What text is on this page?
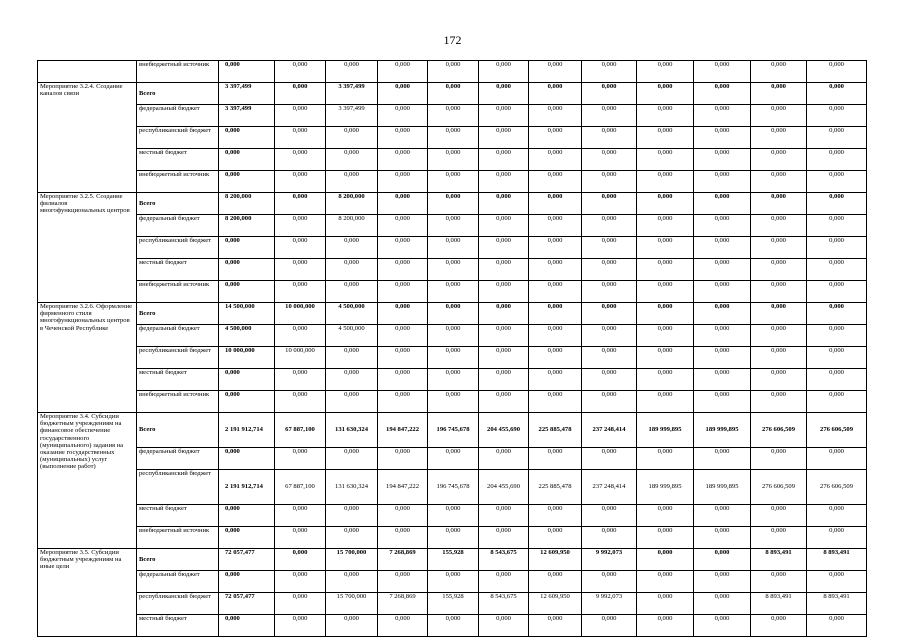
172
	внебюджетный источник	0,000	0,000	0,000	0,000	0,000	0,000	0,000	0,000	0,000	0,000	0,000	0,000
Мероприятие 3.2.4. Создание каналов связи	Всего	3 397,499	0,000	3 397,499	0,000	0,000	0,000	0,000	0,000	0,000	0,000	0,000	0,000
	федеральный бюджет	3 397,499	0,000	3 397,499	0,000	0,000	0,000	0,000	0,000	0,000	0,000	0,000	0,000
	республиканский бюджет	0,000	0,000	0,000	0,000	0,000	0,000	0,000	0,000	0,000	0,000	0,000	0,000
	местный бюджет	0,000	0,000	0,000	0,000	0,000	0,000	0,000	0,000	0,000	0,000	0,000	0,000
	внебюджетный источник	0,000	0,000	0,000	0,000	0,000	0,000	0,000	0,000	0,000	0,000	0,000	0,000
Мероприятие 3.2.5. Создание филиалов многофункциональных центров	Всего	8 200,000	0,000	8 200,000	0,000	0,000	0,000	0,000	0,000	0,000	0,000	0,000	0,000
	федеральный бюджет	8 200,000	0,000	8 200,000	0,000	0,000	0,000	0,000	0,000	0,000	0,000	0,000	0,000
	республиканский бюджет	0,000	0,000	0,000	0,000	0,000	0,000	0,000	0,000	0,000	0,000	0,000	0,000
	местный бюджет	0,000	0,000	0,000	0,000	0,000	0,000	0,000	0,000	0,000	0,000	0,000	0,000
	внебюджетный источник	0,000	0,000	0,000	0,000	0,000	0,000	0,000	0,000	0,000	0,000	0,000	0,000
Мероприятие 3.2.6. Оформление фирменного стиля многофункциональных центров в Чеченской Республике	Всего	14 500,000	10 000,000	4 500,000	0,000	0,000	0,000	0,000	0,000	0,000	0,000	0,000	0,000
	федеральный бюджет	4 500,000	0,000	4 500,000	0,000	0,000	0,000	0,000	0,000	0,000	0,000	0,000	0,000
	республиканский бюджет	10 000,000	10 000,000	0,000	0,000	0,000	0,000	0,000	0,000	0,000	0,000	0,000	0,000
	местный бюджет	0,000	0,000	0,000	0,000	0,000	0,000	0,000	0,000	0,000	0,000	0,000	0,000
	внебюджетный источник	0,000	0,000	0,000	0,000	0,000	0,000	0,000	0,000	0,000	0,000	0,000	0,000
Мероприятие 3.4. Субсидии бюджетным учреждениям на финансовое обеспечение государственного (муниципального) задания на оказание государственных (муниципальных) услуг (выполнение работ)	Всего	2 191 912,714	67 887,100	131 630,324	194 847,222	196 745,678	204 455,690	225 885,478	237 248,414	189 999,895	189 999,895	276 606,509	276 606,509
	федеральный бюджет	0,000	0,000	0,000	0,000	0,000	0,000	0,000	0,000	0,000	0,000	0,000	0,000
	республиканский бюджет	2 191 912,714	67 887,100	131 630,324	194 847,222	196 745,678	204 455,690	225 885,478	237 248,414	189 999,895	189 999,895	276 606,509	276 606,509
	местный бюджет	0,000	0,000	0,000	0,000	0,000	0,000	0,000	0,000	0,000	0,000	0,000	0,000
	внебюджетный источник	0,000	0,000	0,000	0,000	0,000	0,000	0,000	0,000	0,000	0,000	0,000	0,000
Мероприятие 3.5. Субсидии бюджетным учреждениям на иные цели	Всего	72 057,477	0,000	15 700,000	7 268,869	155,928	8 543,675	12 609,950	9 992,073	0,000	0,000	8 893,491	8 893,491
	федеральный бюджет	0,000	0,000	0,000	0,000	0,000	0,000	0,000	0,000	0,000	0,000	0,000	0,000
	республиканский бюджет	72 057,477	0,000	15 700,000	7 268,869	155,928	8 543,675	12 609,950	9 992,073	0,000	0,000	8 893,491	8 893,491
	местный бюджет	0,000	0,000	0,000	0,000	0,000	0,000	0,000	0,000	0,000	0,000	0,000	0,000
